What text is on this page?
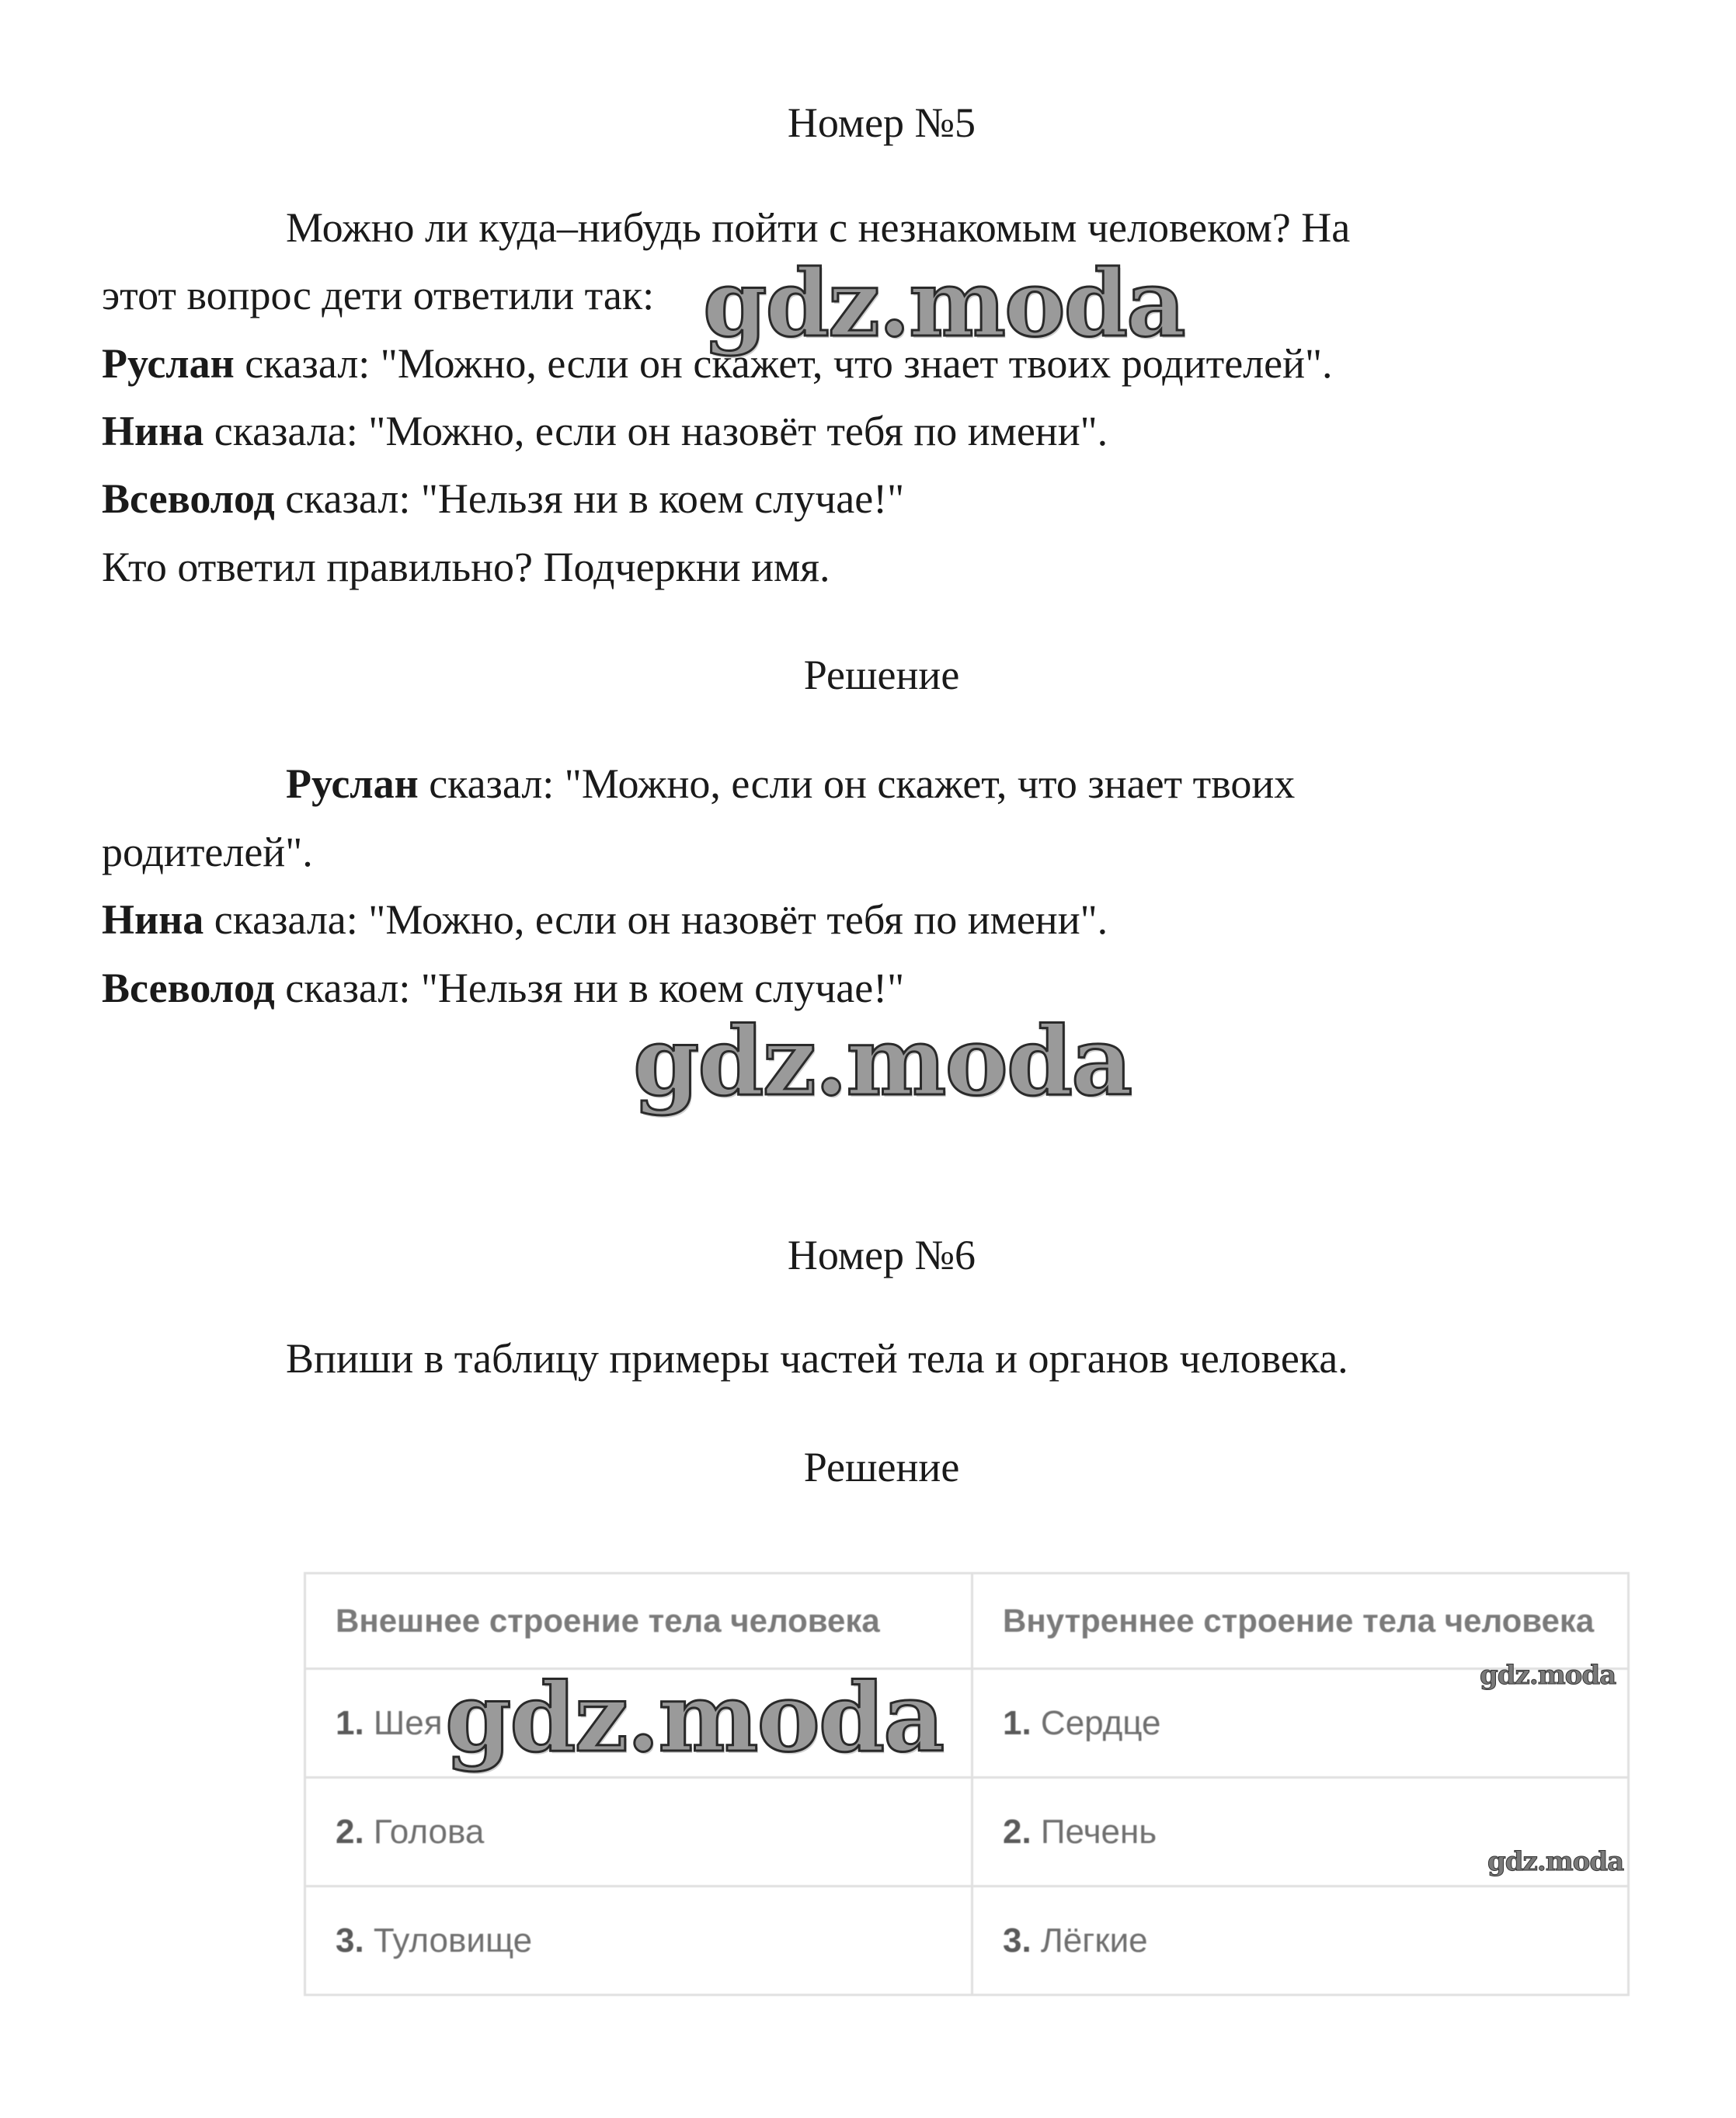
Номер №5
Можно ли куда–нибудь пойти с незнакомым человеком? На
этот вопрос дети ответили так:
Руслан сказал: "Можно, если он скажет, что знает твоих родителей".
Нина сказала: "Можно, если он назовёт тебя по имени".
Всеволод сказал: "Нельзя ни в коем случае!"
Кто ответил правильно? Подчеркни имя.
Решение
Руслан сказал: "Можно, если он скажет, что знает твоих
родителей".
Нина сказала: "Можно, если он назовёт тебя по имени".
Всеволод сказал: "Нельзя ни в коем случае!"
Номер №6
Впиши в таблицу примеры частей тела и органов человека.
Решение
Внешнее строение тела человека	Внутреннее строение тела человека
1. Шея	1. Сердце
2. Голова	2. Печень
3. Туловище	3. Лёгкие
gdz.moda
gdz.moda
gdz.moda	gdz.moda
gdz.moda
